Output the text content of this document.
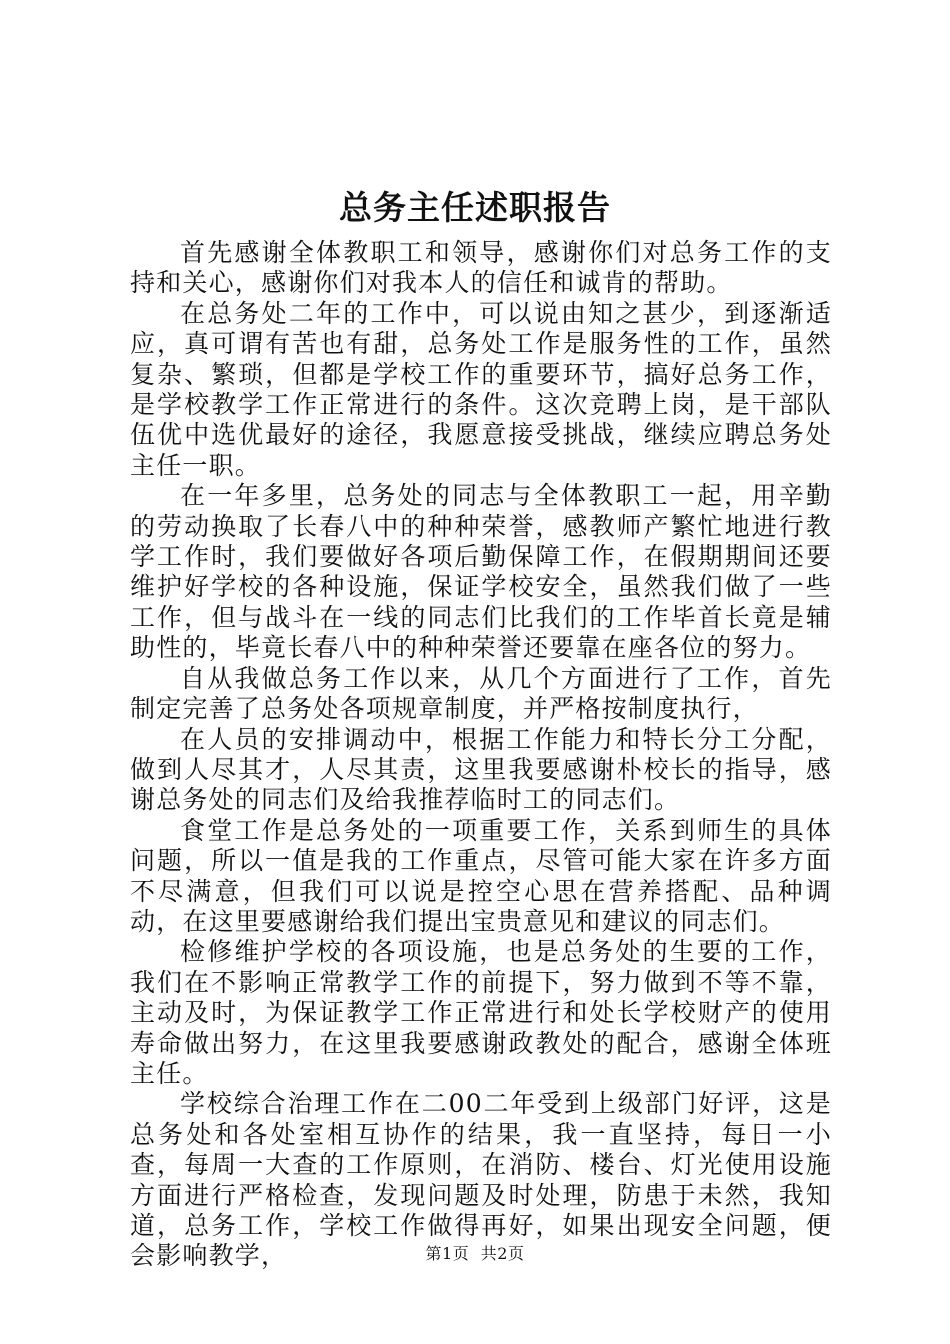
总务主任述职报告

首先感谢全体教职工和领导，感谢你们对总务工作的支持和关心，感谢你们对我本人的信任和诚肯的帮助。

在总务处二年的工作中，可以说由知之甚少，到逐渐适应，真可谓有苦也有甜，总务处工作是服务性的工作，虽然复杂、繁琐，但都是学校工作的重要环节，搞好总务工作，是学校教学工作正常进行的条件。这次竞聘上岗，是干部队伍优中选优最好的途径，我愿意接受挑战，继续应聘总务处主任一职。

在一年多里，总务处的同志与全体教职工一起，用辛勤的劳动换取了长春八中的种种荣誉，感教师产繁忙地进行教学工作时，我们要做好各项后勤保障工作，在假期期间还要维护好学校的各种设施，保证学校安全，虽然我们做了一些工作，但与战斗在一线的同志们比我们的工作毕首长竟是辅助性的，毕竟长春八中的种种荣誉还要靠在座各位的努力。

自从我做总务工作以来，从几个方面进行了工作，首先制定完善了总务处各项规章制度，并严格按制度执行，

在人员的安排调动中，根据工作能力和特长分工分配，做到人尽其才，人尽其责，这里我要感谢朴校长的指导，感谢总务处的同志们及给我推荐临时工的同志们。

食堂工作是总务处的一项重要工作，关系到师生的具体问题，所以一值是我的工作重点，尽管可能大家在许多方面不尽满意，但我们可以说是控空心思在营养搭配、品种调动，在这里要感谢给我们提出宝贵意见和建议的同志们。

检修维护学校的各项设施，也是总务处的生要的工作，我们在不影响正常教学工作的前提下，努力做到不等不靠，主动及时，为保证教学工作正常进行和处长学校财产的使用寿命做出努力，在这里我要感谢政教处的配合，感谢全体班主任。

学校综合治理工作在二00二年受到上级部门好评，这是总务处和各处室相互协作的结果，我一直坚持，每日一小查，每周一大查的工作原则，在消防、楼台、灯光使用设施方面进行严格检查，发现问题及时处理，防患于未然，我知道，总务工作，学校工作做得再好，如果出现安全问题，便会影响教学，	第1页 共2页
